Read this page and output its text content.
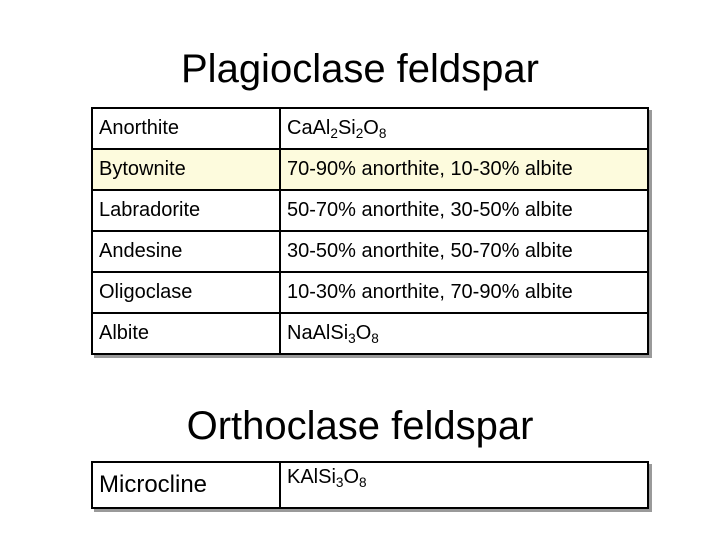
Plagioclase feldspar
Anorthite	$CaAl_2Si_2O_8$
Bytownite	70-90% anorthite, 10-30% albite
Labradorite	50-70% anorthite, 30-50% albite
Andesine	30-50% anorthite, 50-70% albite
Oligoclase	10-30% anorthite, 70-90% albite
Albite	$NaAlSi_3O_8$
Orthoclase feldspar
Microcline	$KAlSi_3O_8$
